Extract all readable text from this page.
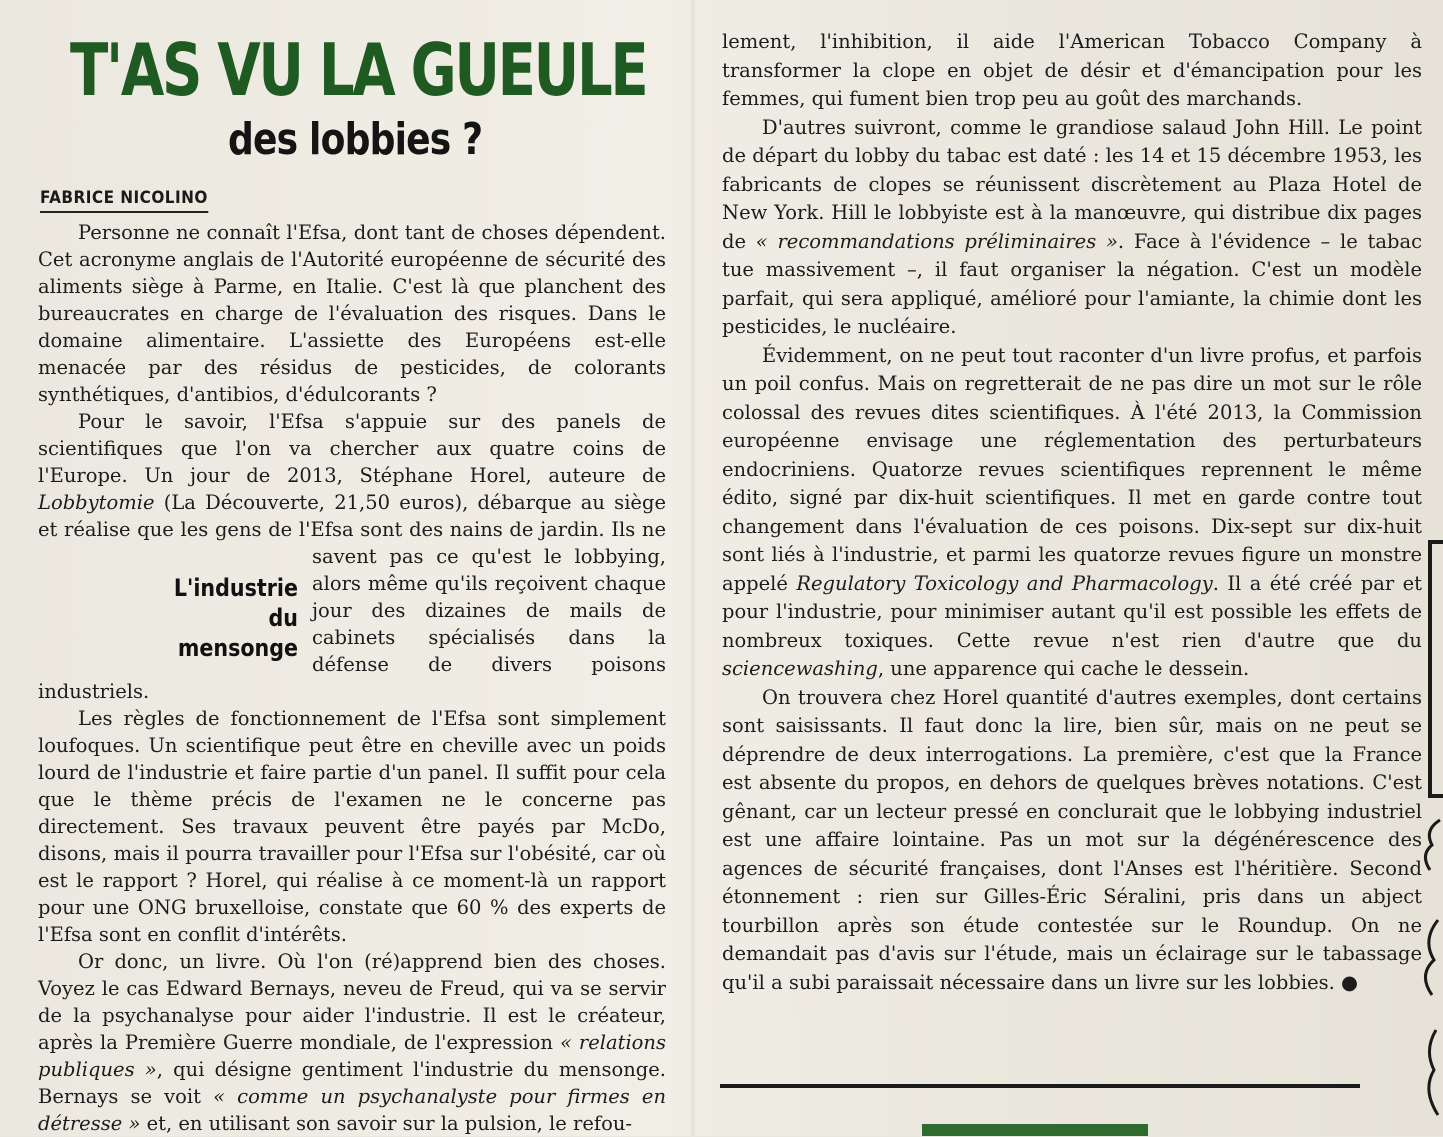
T'AS VU LA GUEULE
des lobbies ?
FABRICE NICOLINO

Personne ne connaît l'Efsa, dont tant de choses dépendent. Cet acronyme anglais de l'Autorité européenne de sécurité des aliments siège à Parme, en Italie. C'est là que planchent des bureaucrates en charge de l'évaluation des risques. Dans le domaine alimentaire. L'assiette des Européens est-elle menacée par des résidus de pesticides, de colorants synthétiques, d'antibios, d'édulcorants ?

Pour le savoir, l'Efsa s'appuie sur des panels de scientifiques que l'on va chercher aux quatre coins de l'Europe. Un jour de 2013, Stéphane Horel, auteure de Lobbytomie (La Découverte, 21,50 euros), débarque au siège et réalise que les gens de l'Efsa sont des nains de jardin.
L'industrie du
mensonge
Ils ne savent pas ce qu'est le lobbying, alors même qu'ils reçoivent chaque jour des dizaines de mails de cabinets spécialisés dans la défense de divers poisons industriels.

Les règles de fonctionnement de l'Efsa sont simplement loufoques. Un scientifique peut être en cheville avec un poids lourd de l'industrie et faire partie d'un panel. Il suffit pour cela que le thème précis de l'examen ne le concerne pas directement. Ses travaux peuvent être payés par McDo, disons, mais il pourra travailler pour l'Efsa sur l'obésité, car où est le rapport ? Horel, qui réalise à ce moment-là un rapport pour une ONG bruxelloise, constate que 60 % des experts de l'Efsa sont en conflit d'intérêts.

Or donc, un livre. Où l'on (ré)apprend bien des choses. Voyez le cas Edward Bernays, neveu de Freud, qui va se servir de la psychanalyse pour aider l'industrie. Il est le créateur, après la Première Guerre mondiale, de l'expression « relations publiques », qui désigne gentiment l'industrie du mensonge. Bernays se voit « comme un psychanalyste pour firmes en détresse » et, en utilisant son savoir sur la pulsion, le refou-

lement, l'inhibition, il aide l'American Tobacco Company à transformer la clope en objet de désir et d'émancipation pour les femmes, qui fument bien trop peu au goût des marchands.

D'autres suivront, comme le grandiose salaud John Hill. Le point de départ du lobby du tabac est daté : les 14 et 15 décembre 1953, les fabricants de clopes se réunissent discrètement au Plaza Hotel de New York. Hill le lobbyiste est à la manœuvre, qui distribue dix pages de « recommandations préliminaires ». Face à l'évidence – le tabac tue massivement –, il faut organiser la négation. C'est un modèle parfait, qui sera appliqué, amélioré pour l'amiante, la chimie dont les pesticides, le nucléaire.

Évidemment, on ne peut tout raconter d'un livre profus, et parfois un poil confus. Mais on regretterait de ne pas dire un mot sur le rôle colossal des revues dites scientifiques. À l'été 2013, la Commission européenne envisage une réglementation des perturbateurs endocriniens. Quatorze revues scientifiques reprennent le même édito, signé par dix-huit scientifiques. Il met en garde contre tout changement dans l'évaluation de ces poisons. Dix-sept sur dix-huit sont liés à l'industrie, et parmi les quatorze revues figure un monstre appelé Regulatory Toxicology and Pharmacology. Il a été créé par et pour l'industrie, pour minimiser autant qu'il est possible les effets de nombreux toxiques. Cette revue n'est rien d'autre que du sciencewashing, une apparence qui cache le dessein.

On trouvera chez Horel quantité d'autres exemples, dont certains sont saisissants. Il faut donc la lire, bien sûr, mais on ne peut se déprendre de deux interrogations. La première, c'est que la France est absente du propos, en dehors de quelques brèves notations. C'est gênant, car un lecteur pressé en conclurait que le lobbying industriel est une affaire lointaine. Pas un mot sur la dégénérescence des agences de sécurité françaises, dont l'Anses est l'héritière. Second étonnement : rien sur Gilles-Éric Séralini, pris dans un abject tourbillon après son étude contestée sur le Roundup. On ne demandait pas d'avis sur l'étude, mais un éclairage sur le tabassage qu'il a subi paraissait nécessaire dans un livre sur les lobbies. ●
